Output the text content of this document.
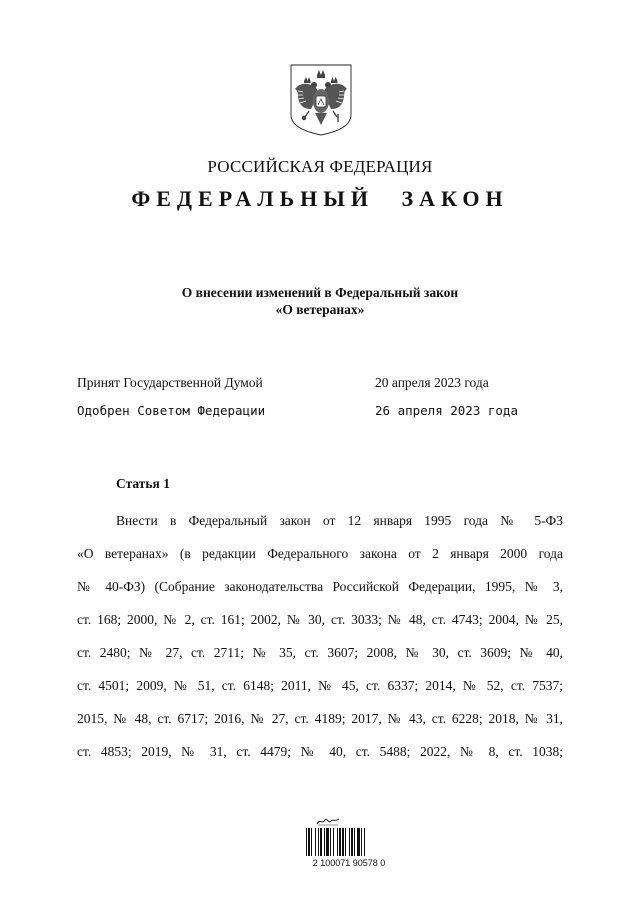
РОССИЙСКАЯ ФЕДЕРАЦИЯ
ФЕДЕРАЛЬНЫЙ ЗАКОН
О внесении изменений в Федеральный закон
«О ветеранах»
Принят Государственной Думой	20 апреля 2023 года
Одобрен Советом Федерации	26 апреля 2023 года
Статья 1
Внести в Федеральный закон от 12 января 1995 года № 5-ФЗ
«О ветеранах» (в редакции Федерального закона от 2 января 2000 года
№ 40-ФЗ) (Собрание законодательства Российской Федерации, 1995, № 3,
ст. 168; 2000, № 2, ст. 161; 2002, № 30, ст. 3033; № 48, ст. 4743; 2004, № 25,
ст. 2480; № 27, ст. 2711; № 35, ст. 3607; 2008, № 30, ст. 3609; № 40,
ст. 4501; 2009, № 51, ст. 6148; 2011, № 45, ст. 6337; 2014, № 52, ст. 7537;
2015, № 48, ст. 6717; 2016, № 27, ст. 4189; 2017, № 43, ст. 6228; 2018, № 31,
ст. 4853; 2019, № 31, ст. 4479; № 40, ст. 5488; 2022, № 8, ст. 1038;
2 100071 90578 0
